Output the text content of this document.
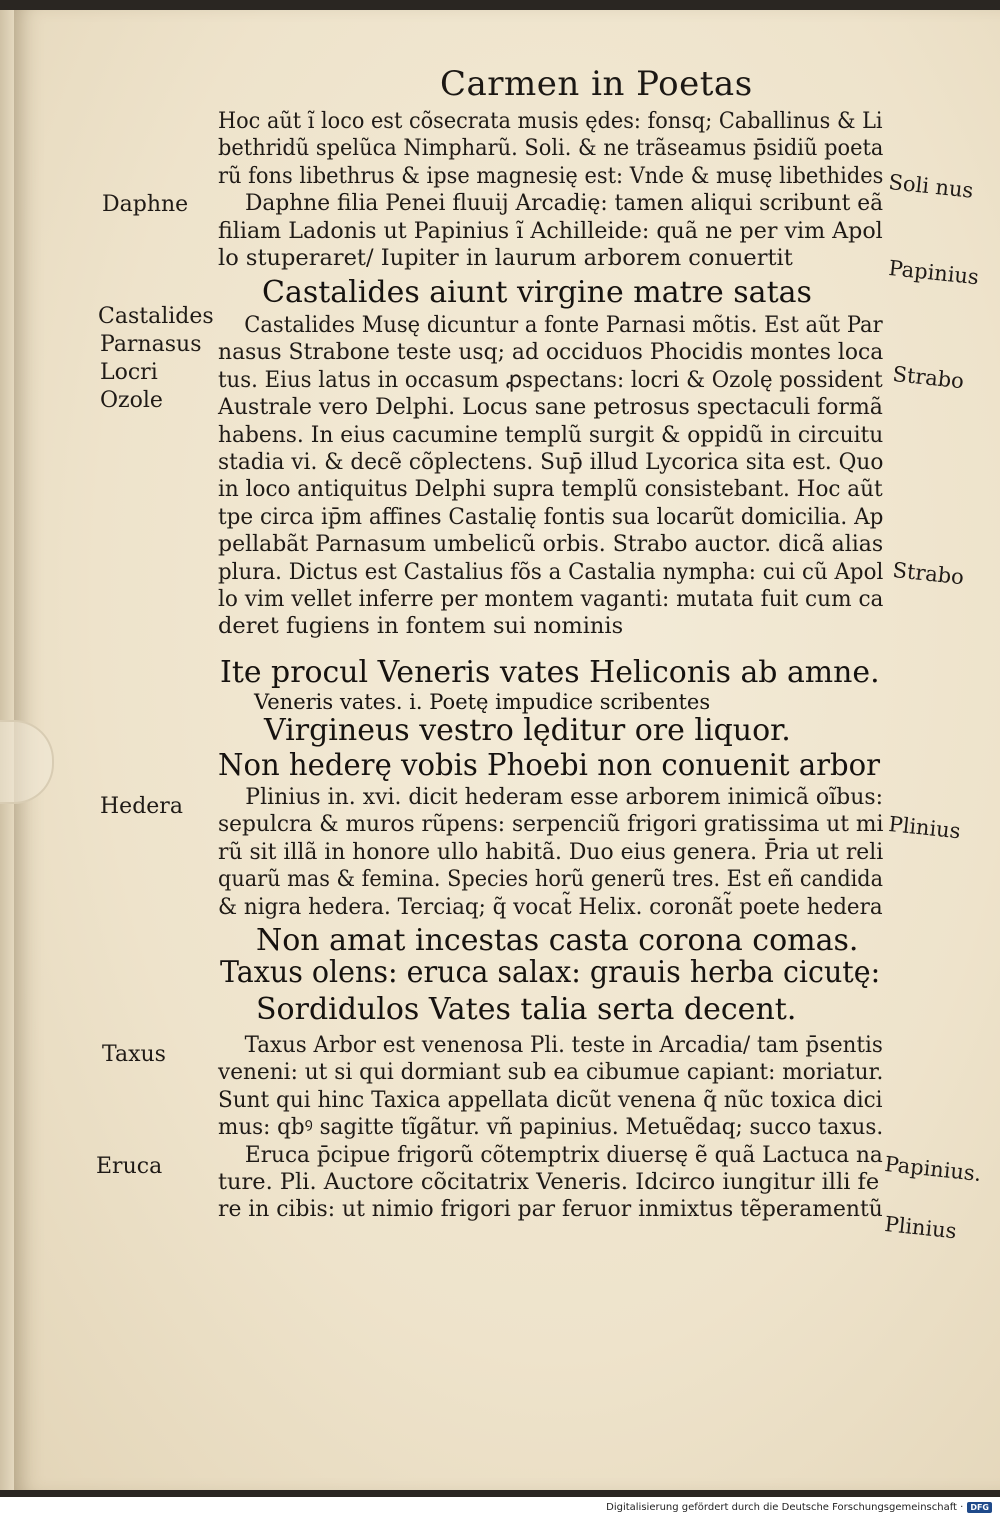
Carmen in Poetas
Hoc aũt ĩ loco est cõsecrata musis ędes: fonsq; Caballinus & Li
bethridũ spelũca Nimpharũ. Soli. & ne trãseamus p̄sidiũ poeta
rũ fons libethrus & ipse magnesię est: Vnde & musę libethides
Daphne filia Penei fluuij Arcadię: tamen aliqui scribunt eã
filiam Ladonis ut Papinius ĩ Achilleide: quã ne per vim Apol
lo stuperaret/ Iupiter in laurum arborem conuertit
Castalides aiunt virgine matre satas
Castalides Musę dicuntur a fonte Parnasi mõtis. Est aũt Par
nasus Strabone teste usq; ad occiduos Phocidis montes loca
tus. Eius latus in occasum ꝓspectans: locri & Ozolę possident
Australe vero Delphi. Locus sane petrosus spectaculi formã
habens. In eius cacumine templũ surgit & oppidũ in circuitu
stadia vi. & decẽ cõplectens. Sup̄ illud Lycorica sita est. Quo
in loco antiquitus Delphi supra templũ consistebant. Hoc aũt
tpe circa ip̄m affines Castalię fontis sua locarũt domicilia. Ap
pellabãt Parnasum umbelicũ orbis. Strabo auctor. dicã alias
plura. Dictus est Castalius fõs a Castalia nympha: cui cũ Apol
lo vim vellet inferre per montem vaganti: mutata fuit cum ca
deret fugiens in fontem sui nominis
Ite procul Veneris vates Heliconis ab amne.
Veneris vates. i. Poetę impudice scribentes
Virgineus vestro lęditur ore liquor.
Non hederę vobis Phoebi non conuenit arbor
Plinius in. xvi. dicit hederam esse arborem inimicã oĩbus:
sepulcra & muros rũpens: serpenciũ frigori gratissima ut mi
rũ sit illã in honore ullo habitã. Duo eius genera. P̄ria ut reli
quarũ mas & femina. Species horũ generũ tres. Est eñ candida
& nigra hedera. Terciaq; q̃ vocat̃ Helix. coronãt̃ poete hedera
Non amat incestas casta corona comas.
Taxus olens: eruca salax: grauis herba cicutę:
Sordidulos Vates talia serta decent.
Taxus Arbor est venenosa Pli. teste in Arcadia/ tam p̄sentis
veneni: ut si qui dormiant sub ea cibumue capiant: moriatur.
Sunt qui hinc Taxica appellata dicũt venena q̃ nũc toxica dici
mus: qbꝰ sagitte tĩgãtur. vñ papinius. Metuẽdaq; succo taxus.
Eruca p̄cipue frigorũ cõtemptrix diuersę ẽ quã Lactuca na
ture. Pli. Auctore cõcitatrix Veneris. Idcirco iungitur illi fe
re in cibis: ut nimio frigori par feruor inmixtus tẽperamentũ
Daphne
Castalides
Parnasus
Locri
Ozole
Hedera
Taxus
Eruca
Soli nus
Papinius
Strabo
Strabo
Plinius
Papinius.
Plinius
Digitalisierung gefördert durch die Deutsche Forschungsgemeinschaft · DFG
